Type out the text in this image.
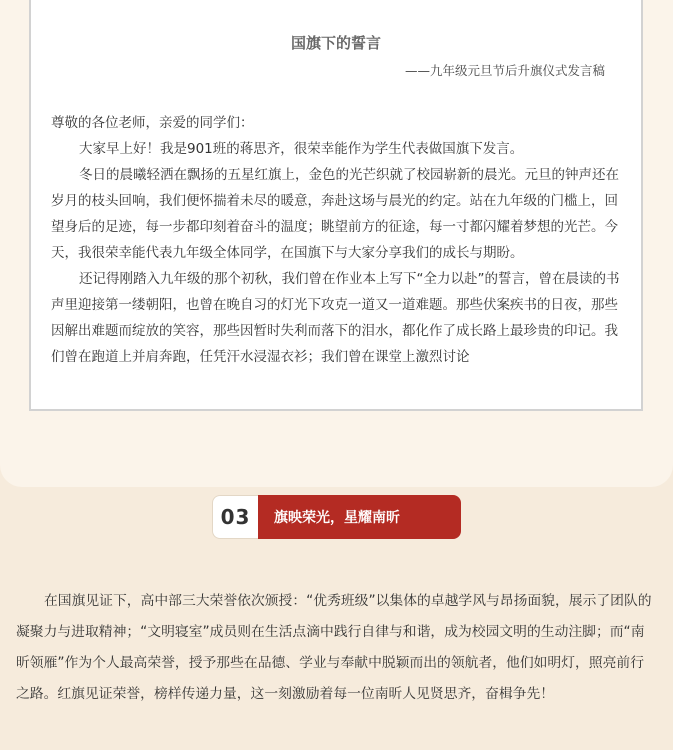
国旗下的誓言
——九年级元旦节后升旗仪式发言稿

尊敬的各位老师，亲爱的同学们：

大家早上好！我是901班的蒋思齐，很荣幸能作为学生代表做国旗下发言。

冬日的晨曦轻洒在飘扬的五星红旗上，金色的光芒织就了校园崭新的晨光。元旦的钟声还在岁月的枝头回响，我们便怀揣着未尽的暖意，奔赴这场与晨光的约定。站在九年级的门槛上，回望身后的足迹，每一步都印刻着奋斗的温度；眺望前方的征途，每一寸都闪耀着梦想的光芒。今天，我很荣幸能代表九年级全体同学，在国旗下与大家分享我们的成长与期盼。

还记得刚踏入九年级的那个初秋，我们曾在作业本上写下“全力以赴”的誓言，曾在晨读的书声里迎接第一缕朝阳，也曾在晚自习的灯光下攻克一道又一道难题。那些伏案疾书的日夜，那些因解出难题而绽放的笑容，那些因暂时失利而落下的泪水，都化作了成长路上最珍贵的印记。我们曾在跑道上并肩奔跑，任凭汗水浸湿衣衫；我们曾在课堂上激烈讨论

03	旗映荣光，星耀南昕

在国旗见证下，高中部三大荣誉依次颁授：“优秀班级”以集体的卓越学风与昂扬面貌，展示了团队的凝聚力与进取精神；“文明寝室”成员则在生活点滴中践行自律与和谐，成为校园文明的生动注脚；而“南昕领雁”作为个人最高荣誉，授予那些在品德、学业与奉献中脱颖而出的领航者，他们如明灯，照亮前行之路。红旗见证荣誉，榜样传递力量，这一刻激励着每一位南昕人见贤思齐，奋楫争先！
